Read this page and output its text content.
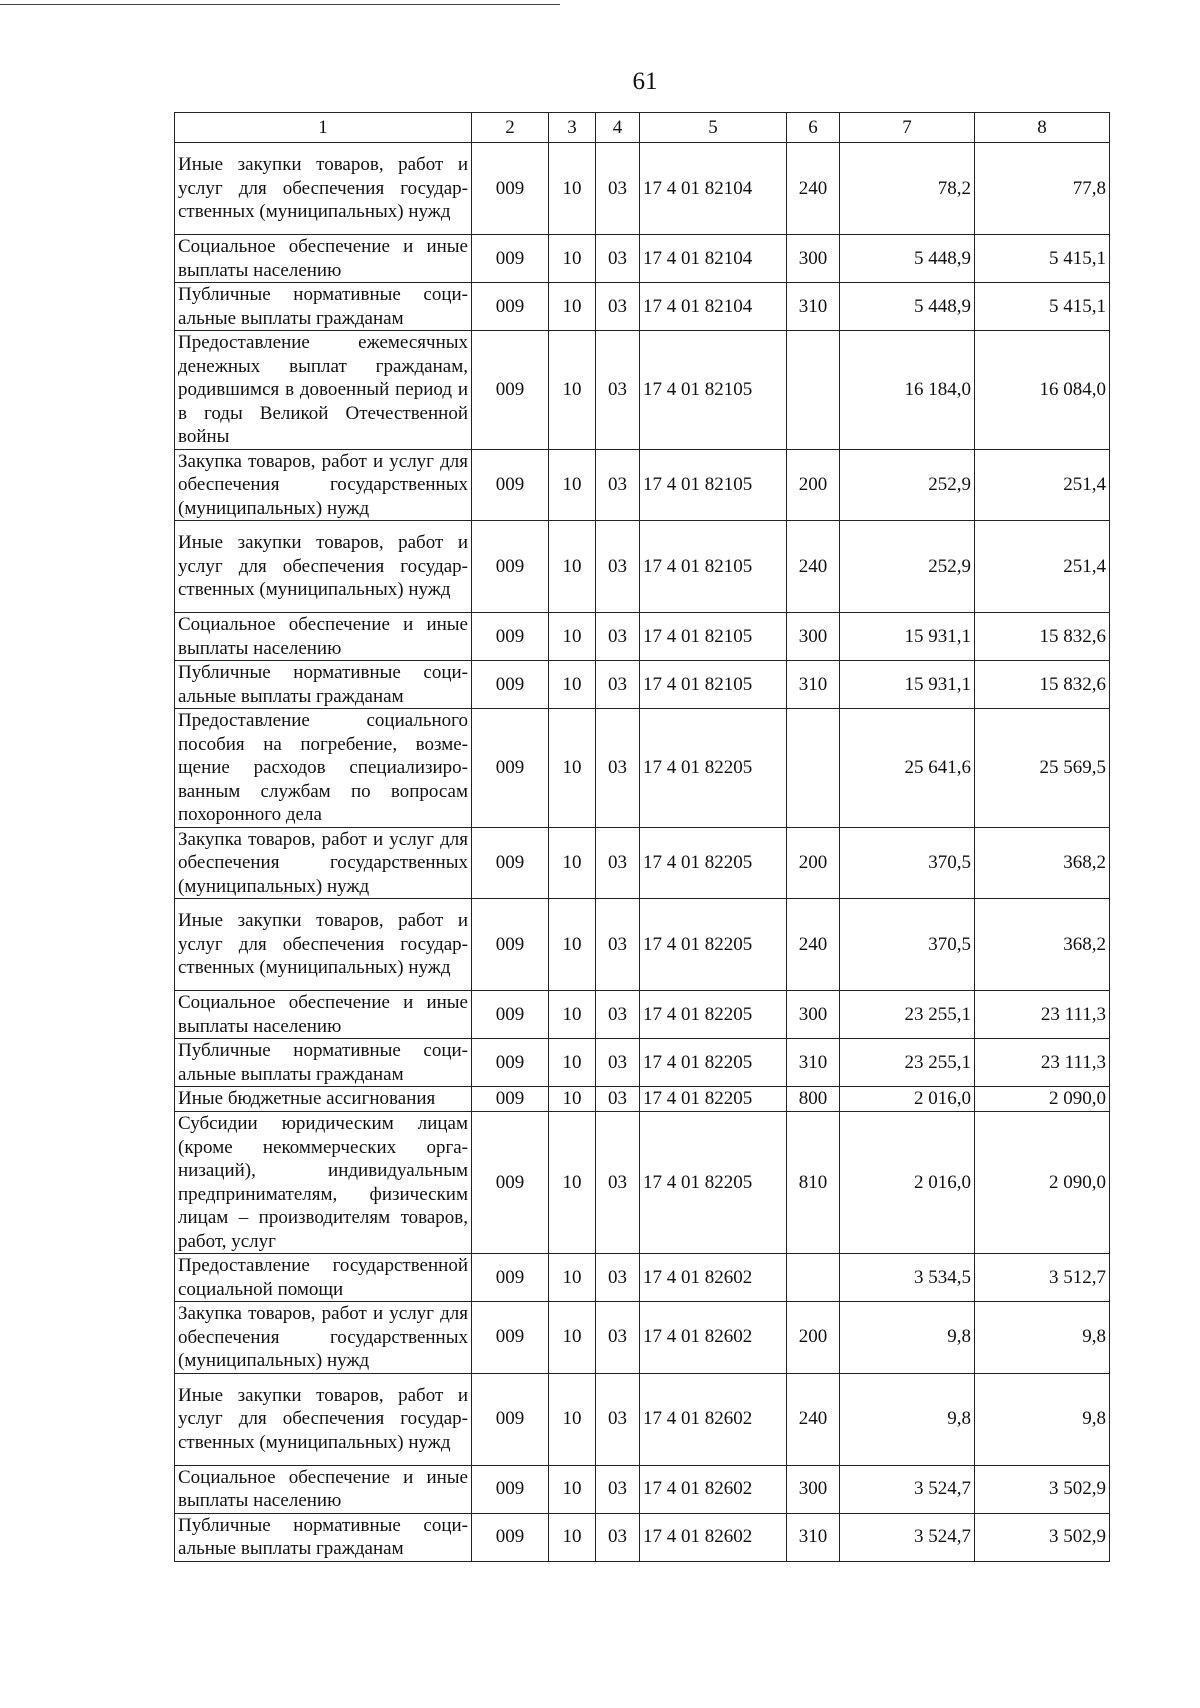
61
1	2	3	4	5	6	7	8
Иные закупки товаров, работ и услуг для обеспечения государственных (муниципальных) нужд	009	10	03	17 4 01 82104	240	78,2	77,8
Социальное обеспечение и иные выплаты населению	009	10	03	17 4 01 82104	300	5 448,9	5 415,1
Публичные нормативные социальные выплаты гражданам	009	10	03	17 4 01 82104	310	5 448,9	5 415,1
Предоставление ежемесячных денежных выплат гражданам, родившимся в довоенный период и в годы Великой Отечественной войны	009	10	03	17 4 01 82105		16 184,0	16 084,0
Закупка товаров, работ и услуг для обеспечения государственных (муниципальных) нужд	009	10	03	17 4 01 82105	200	252,9	251,4
Иные закупки товаров, работ и услуг для обеспечения государственных (муниципальных) нужд	009	10	03	17 4 01 82105	240	252,9	251,4
Социальное обеспечение и иные выплаты населению	009	10	03	17 4 01 82105	300	15 931,1	15 832,6
Публичные нормативные социальные выплаты гражданам	009	10	03	17 4 01 82105	310	15 931,1	15 832,6
Предоставление социального пособия на погребение, возмещение расходов специализированным службам по вопросам похоронного дела	009	10	03	17 4 01 82205		25 641,6	25 569,5
Закупка товаров, работ и услуг для обеспечения государственных (муниципальных) нужд	009	10	03	17 4 01 82205	200	370,5	368,2
Иные закупки товаров, работ и услуг для обеспечения государственных (муниципальных) нужд	009	10	03	17 4 01 82205	240	370,5	368,2
Социальное обеспечение и иные выплаты населению	009	10	03	17 4 01 82205	300	23 255,1	23 111,3
Публичные нормативные социальные выплаты гражданам	009	10	03	17 4 01 82205	310	23 255,1	23 111,3
Иные бюджетные ассигнования	009	10	03	17 4 01 82205	800	2 016,0	2 090,0
Субсидии юридическим лицам (кроме некоммерческих организаций), индивидуальным предпринимателям, физическим лицам – производителям товаров, работ, услуг	009	10	03	17 4 01 82205	810	2 016,0	2 090,0
Предоставление государственной социальной помощи	009	10	03	17 4 01 82602		3 534,5	3 512,7
Закупка товаров, работ и услуг для обеспечения государственных (муниципальных) нужд	009	10	03	17 4 01 82602	200	9,8	9,8
Иные закупки товаров, работ и услуг для обеспечения государственных (муниципальных) нужд	009	10	03	17 4 01 82602	240	9,8	9,8
Социальное обеспечение и иные выплаты населению	009	10	03	17 4 01 82602	300	3 524,7	3 502,9
Публичные нормативные социальные выплаты гражданам	009	10	03	17 4 01 82602	310	3 524,7	3 502,9
